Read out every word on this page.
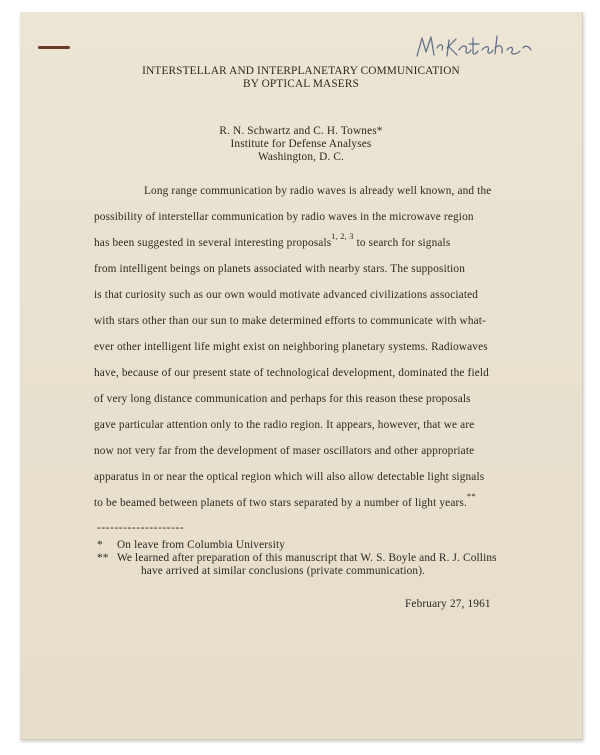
INTERSTELLAR AND INTERPLANETARY COMMUNICATION

BY OPTICAL MASERS

R. N. Schwartz and C. H. Townes*

Institute for Defense Analyses

Washington, D. C.

Long range communication by radio waves is already well known, and the

possibility of interstellar communication by radio waves in the microwave region

has been suggested in several interesting proposals$^{1, 2, 3}$ to search for signals

from intelligent beings on planets associated with nearby stars. The supposition

is that curiosity such as our own would motivate advanced civilizations associated

with stars other than our sun to make determined efforts to communicate with what-

ever other intelligent life might exist on neighboring planetary systems. Radiowaves

have, because of our present state of technological development, dominated the field

of very long distance communication and perhaps for this reason these proposals

gave particular attention only to the radio region. It appears, however, that we are

now not very far from the development of maser oscillators and other appropriate

apparatus in or near the optical region which will also allow detectable light signals

to be beamed between planets of two stars separated by a number of light years.**

--------------------

* On leave from Columbia University

** We learned after preparation of this manuscript that W. S. Boyle and R. J. Collins

have arrived at similar conclusions (private communication).

February 27, 1961
